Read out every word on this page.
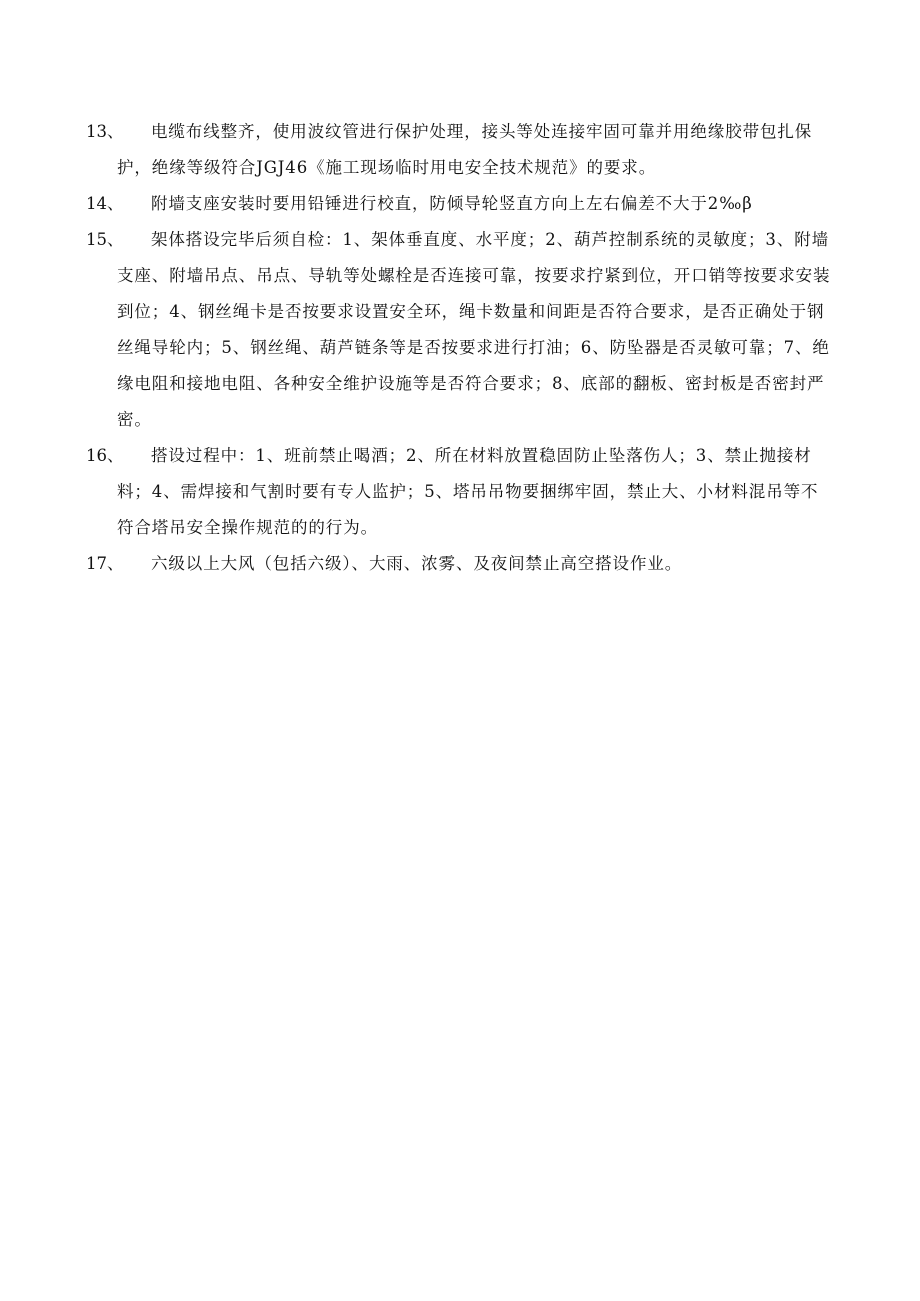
13、 电缆布线整齐，使用波纹管进行保护处理，接头等处连接牢固可靠并用绝缘胶带包扎保护，绝缘等级符合JGJ46《施工现场临时用电安全技术规范》的要求。

14、 附墙支座安装时要用铅锤进行校直，防倾导轮竖直方向上左右偏差不大于2‰β

15、 架体搭设完毕后须自检：1、架体垂直度、水平度；2、葫芦控制系统的灵敏度；3、附墙支座、附墙吊点、吊点、导轨等处螺栓是否连接可靠，按要求拧紧到位，开口销等按要求安装到位；4、钢丝绳卡是否按要求设置安全环，绳卡数量和间距是否符合要求，是否正确处于钢丝绳导轮内；5、钢丝绳、葫芦链条等是否按要求进行打油；6、防坠器是否灵敏可靠；7、绝缘电阻和接地电阻、各种安全维护设施等是否符合要求；8、底部的翻板、密封板是否密封严密。

16、 搭设过程中：1、班前禁止喝酒；2、所在材料放置稳固防止坠落伤人；3、禁止抛接材料；4、需焊接和气割时要有专人监护；5、塔吊吊物要捆绑牢固，禁止大、小材料混吊等不符合塔吊安全操作规范的的行为。

17、 六级以上大风（包括六级）、大雨、浓雾、及夜间禁止高空搭设作业。
